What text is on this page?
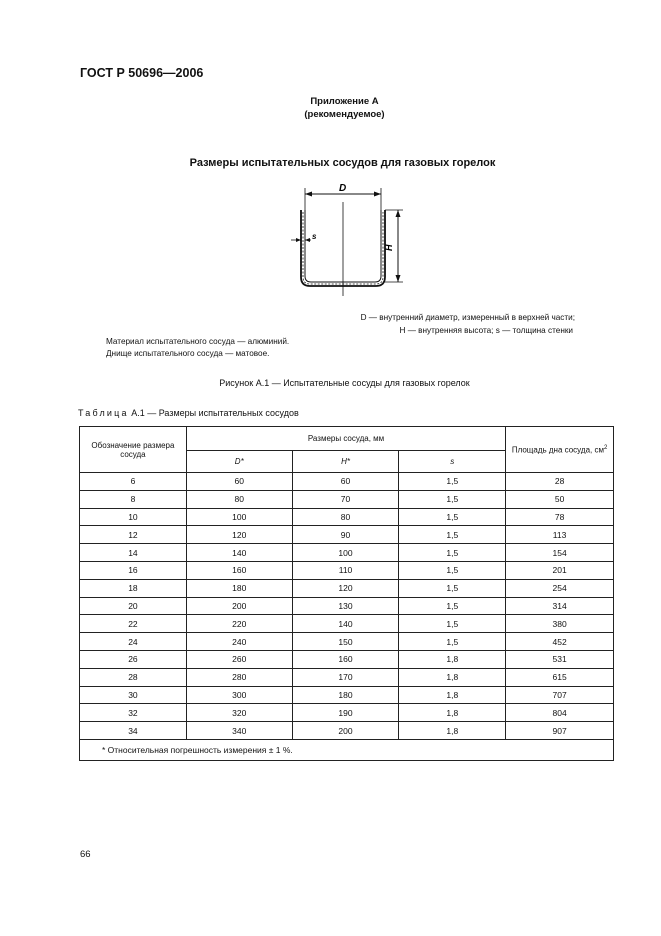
ГОСТ Р 50696—2006
Приложение А
(рекомендуемое)
Размеры испытательных сосудов для газовых горелок
D
H
s
D — внутренний диаметр, измеренный в верхней части;
H — внутренняя высота; s — толщина стенки
Материал испытательного сосуда — алюминий.
Днище испытательного сосуда — матовое.
Рисунок А.1 — Испытательные сосуды для газовых горелок
Таблица А.1 — Размеры испытательных сосудов
Обозначение размера сосуда	Размеры сосуда, мм			Площадь дна сосуда, $см^2$
	D*	H*	s	
6	60	60	1,5	28
8	80	70	1,5	50
10	100	80	1,5	78
12	120	90	1,5	113
14	140	100	1,5	154
16	160	110	1,5	201
18	180	120	1,5	254
20	200	130	1,5	314
22	220	140	1,5	380
24	240	150	1,5	452
26	260	160	1,8	531
28	280	170	1,8	615
30	300	180	1,8	707
32	320	190	1,8	804
34	340	200	1,8	907
* Относительная погрешность измерения ± 1 %.				
66
